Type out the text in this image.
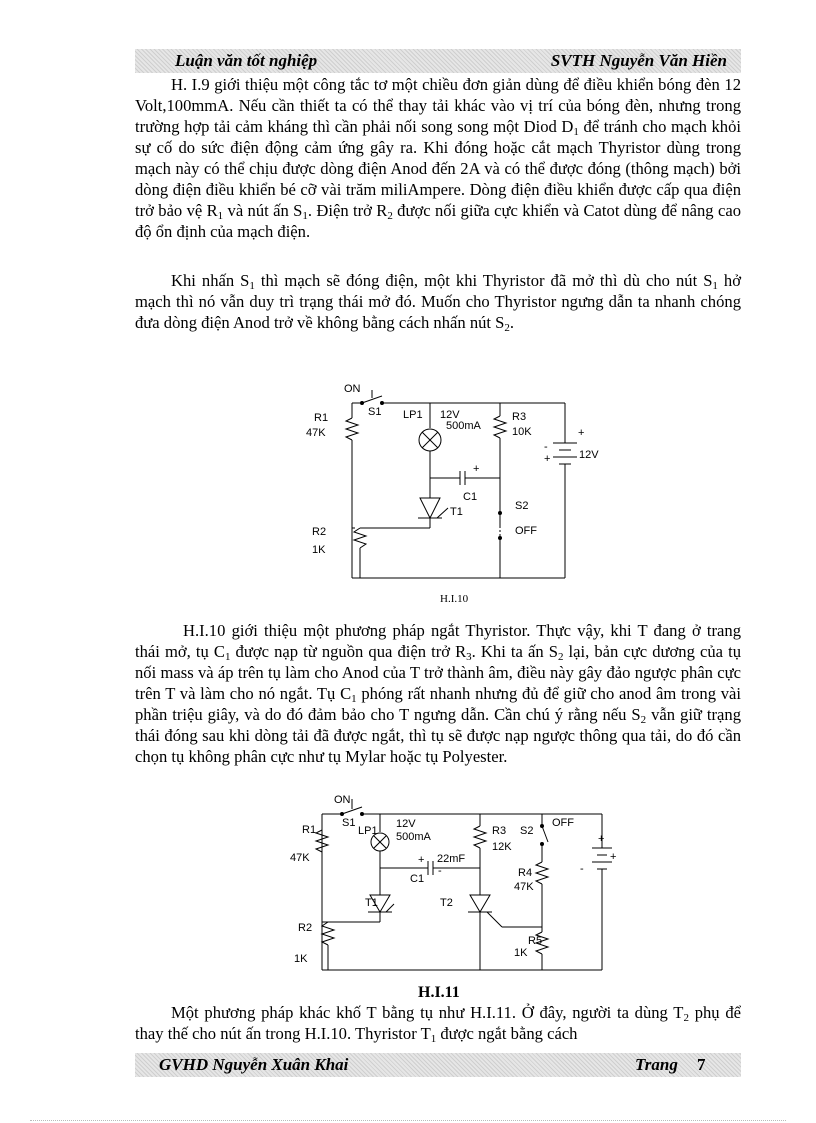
Luận văn tốt nghiệp	SVTH Nguyễn Văn Hiền

H. I.9 giới thiệu một công tắc tơ một chiều đơn giản dùng để điều khiển bóng đèn 12 Volt,100mmA. Nếu cần thiết ta có thể thay tải khác vào vị trí của bóng đèn, nhưng trong trường hợp tải cảm kháng thì cần phải nối song song một Diod $D_1$ để tránh cho mạch khỏi sự cố do sức điện động cảm ứng gây ra. Khi đóng hoặc cắt mạch Thyristor dùng trong mạch này có thể chịu được dòng điện Anod đến 2A và có thể được đóng (thông mạch) bởi dòng điện điều khiển bé cỡ vài trăm miliAmpere. Dòng điện điều khiển được cấp qua điện trở bảo vệ $R_1$ và nút ấn $S_1$. Điện trở $R_2$ được nối giữa cực khiển và Catot dùng để nâng cao độ ổn định của mạch điện.

Khi nhấn $S_1$ thì mạch sẽ đóng điện, một khi Thyristor đã mở thì dù cho nút $S_1$ hở mạch thì nó vẫn duy trì trạng thái mở đó. Muốn cho Thyristor ngưng dẫn ta nhanh chóng đưa dòng điện Anod trở về không bằng cách nhấn nút $S_2$.

ON
S1
R1
47K
LP1 12V
500mA
R3
10K	+
+
-
12V
+
C1
T1	S2
OFF
R2
1K
H.I.10

H.I.10 giới thiệu một phương pháp ngắt Thyristor. Thực vậy, khi T đang ở trang thái mở, tụ $C_1$ được nạp từ nguồn qua điện trở $R_3$. Khi ta ấn $S_2$ lại, bản cực dương của tụ nối mass và áp trên tụ làm cho Anod của T trở thành âm, điều này gây đảo ngược phân cực trên T và làm cho nó ngắt. Tụ $C_1$ phóng rất nhanh nhưng đủ để giữ cho anod âm trong vài phần triệu giây, và do đó đảm bảo cho T ngưng dẫn. Cần chú ý rằng nếu $S_2$ vẫn giữ trạng thái đóng sau khi dòng tải đã được ngắt, thì tụ sẽ được nạp ngược thông qua tải, do đó cần chọn tụ không phân cực như tụ Mylar hoặc tụ Polyester.

ON
S1
R1
47K
LP1
12V
500mA
+ 22mF
-
C1
T1	T2
R3
12K
S2
OFF
R4
47K
R5
1K
R2
1K
+
+
-
H.I.11

Một phương pháp khác khố T bằng tụ như H.I.11. Ở đây, người ta dùng $T_2$ phụ để thay thế cho nút ấn trong H.I.10. Thyristor $T_1$ được ngắt bằng cách

GVHD Nguyễn Xuân Khai	Trang 7
